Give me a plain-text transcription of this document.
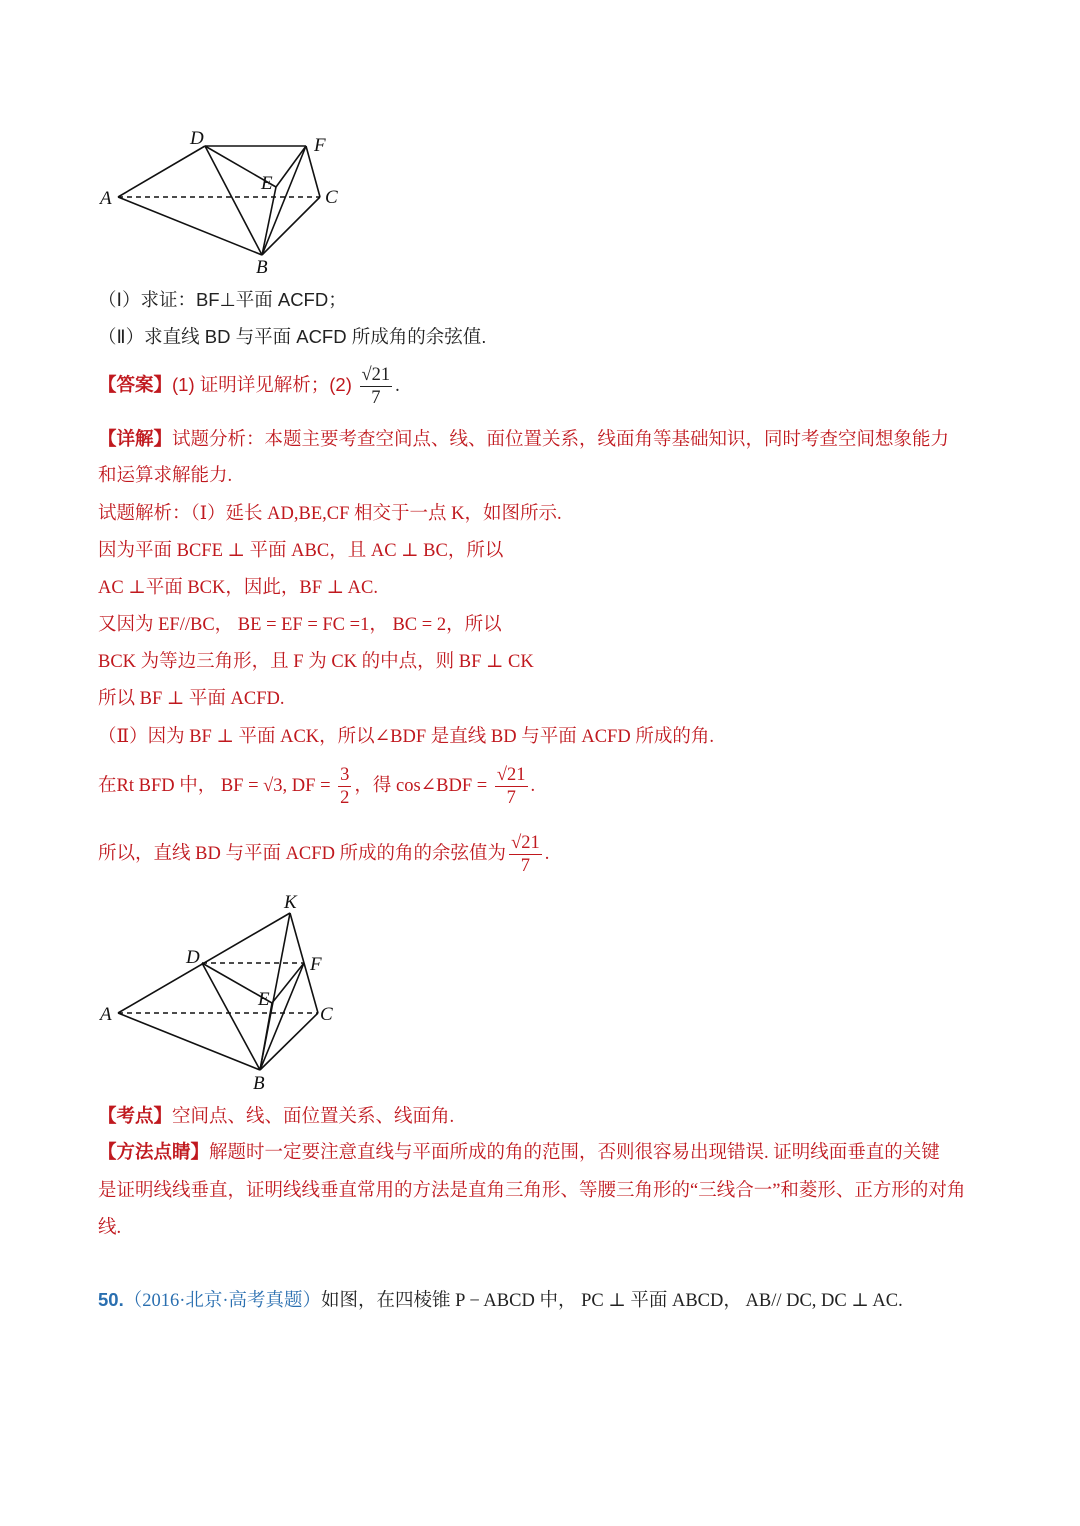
A
D	F
E
C
B
（Ⅰ）求证：BF⊥平面 ACFD；
（Ⅱ）求直线 BD 与平面 ACFD 所成角的余弦值.
【答案】(1) 证明详见解析；$(2) \frac{√21}{7}$ .
【详解】试题分析：本题主要考查空间点、线、面位置关系，线面角等基础知识，同时考查空间想象能力
和运算求解能力.
试题解析：（Ⅰ）延长 AD,BE,CF 相交于一点 K，如图所示.
因为平面 BCFE ⊥ 平面 ABC，且 AC ⊥ BC，所以
AC ⊥平面 BCK，因此，BF ⊥ AC.
又因为 EF//BC， BE = EF = FC =1， BC = 2，所以
BCK 为等边三角形，且 F 为 CK 的中点，则 BF ⊥ CK
所以 BF ⊥ 平面 ACFD.
（Ⅱ）因为 BF ⊥ 平面 ACK，所以∠BDF 是直线 BD 与平面 ACFD 所成的角.
在Rt BFD 中， BF = √3, DF = $\frac{3}{2}$ ，得 cos∠BDF = $\frac{√21}{7}$ .
所以，直线 BD 与平面 ACFD 所成的角的余弦值为 $\frac{√21}{7}$ .
K
D	F
E
A	C
B
【考点】空间点、线、面位置关系、线面角.
【方法点睛】解题时一定要注意直线与平面所成的角的范围，否则很容易出现错误. 证明线面垂直的关键
是证明线线垂直，证明线线垂直常用的方法是直角三角形、等腰三角形的“三线合一”和菱形、正方形的对角
线.
50.（2016·北京·高考真题）如图，在四棱锥 P − ABCD 中， PC ⊥ 平面 ABCD， AB// DC, DC ⊥ AC.
